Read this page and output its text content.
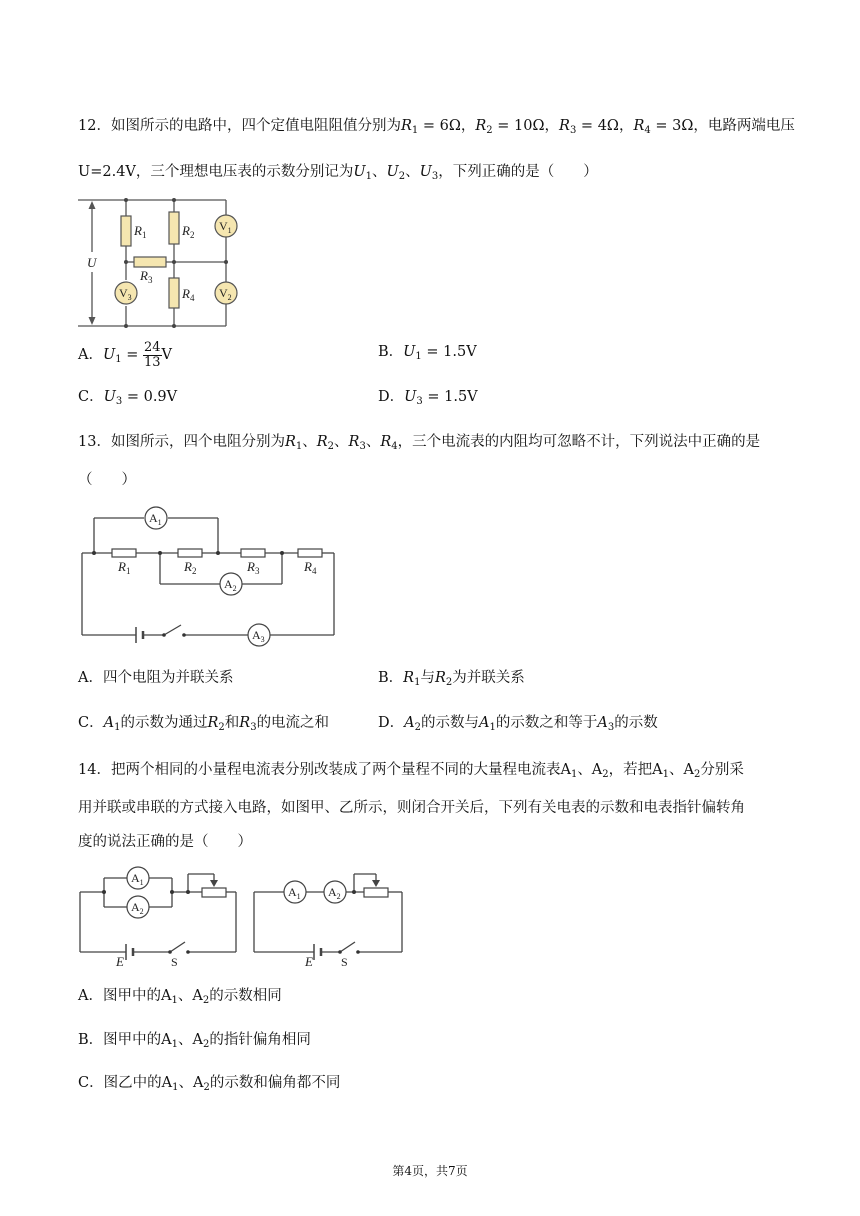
12．如图所示的电路中，四个定值电阻阻值分别为$R_1 = 6\Omega$，$R_2 = 10\Omega$，$R_3 = 4\Omega$，$R_4 = 3\Omega$，电路两端电压
U=2.4V，三个理想电压表的示数分别记为$U_1$、$U_2$、$U_3$，下列正确的是（　　）
U
$R_1$	$R_2$
$R_3$
$R_4$
$V_1$
$V_2$
$V_3$
A．$U_1 = \frac{24}{13}$ V	B．$U_1 = 1.5V$
C．$U_3 = 0.9V$	D．$U_3 = 1.5V$
13．如图所示，四个电阻分别为$R_1$、$R_2$、$R_3$、$R_4$，三个电流表的内阻均可忽略不计，下列说法中正确的是
（　　）
$A_1$
$A_2$
$A_3$
$R_1$	$R_2$	$R_3$	$R_4$
A．四个电阻为并联关系	B．$R_1$与$R_2$为并联关系
C．$A_1$的示数为通过$R_2$和$R_3$的电流之和	D．$A_2$的示数与$A_1$的示数之和等于$A_3$的示数
14．把两个相同的小量程电流表分别改装成了两个量程不同的大量程电流表$A_1$、$A_2$，若把$A_1$、$A_2$分别采
用并联或串联的方式接入电路，如图甲、乙所示，则闭合开关后，下列有关电表的示数和电表指针偏转角
度的说法正确的是（　　）
$A_1$
$A_2$
E	S
$A_1$ $A_2$
E S
A．图甲中的$A_1$、$A_2$的示数相同
B．图甲中的$A_1$、$A_2$的指针偏角相同
C．图乙中的$A_1$、$A_2$的示数和偏角都不同
第4页，共7页
